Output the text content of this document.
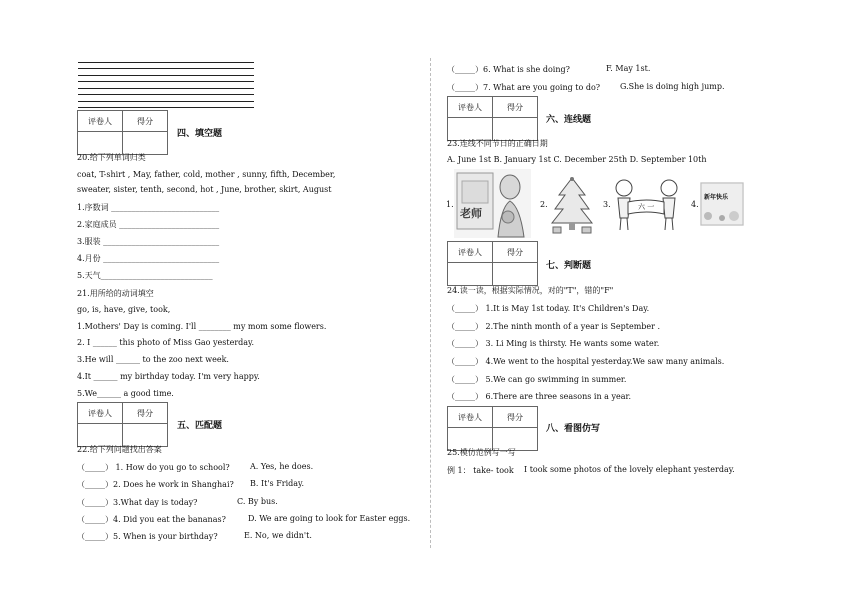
评卷人	得分

四、填空题
20.给下列单词归类
coat, T-shirt , May, father, cold, mother , sunny, fifth, December,
sweater, sister, tenth, second, hot , June, brother, skirt, August
1.序数词 ___________________________
2.家庭成员 _________________________
3.服装 _____________________________
4.月份 _____________________________
5.天气____________________________
21.用所给的动词填空
go, is, have, give, took,
1.Mothers' Day is coming. I'll ________ my mom some flowers.
2. I ______ this photo of Miss Gao yesterday.
3.He will ______ to the zoo next week.
4.It ______ my birthday today. I'm very happy.
5.We______ a good time.
评卷人	得分

五、匹配题
22.给下列问题找出答案
（_____） 1. How do you go to school?	A. Yes, he does.
（_____）2. Does he work in Shanghai? B. It's Friday.
（_____）3.What day is today?	C. By bus.
（_____）4. Did you eat the bananas?	D. We are going to look for Easter eggs.
（_____）5. When is your birthday?	E. No, we didn't.
（_____）6. What is she doing?	F. May 1st.
（_____）7. What are you going to do? G.She is doing high jump.
评卷人	得分

六、连线题
23.连线不同节日的正确日期
A. June 1st B. January 1st C. December 25th D. September 10th
1.
老师
2.	3.	六 一	4.
新年快乐
评卷人	得分

七、判断题
24.读一读，根据实际情况，对的"T"，错的"F"
（_____） 1.It is May 1st today. It's Children's Day.
（_____） 2.The ninth month of a year is September .
（_____） 3. Li Ming is thirsty. He wants some water.
（_____） 4.We went to the hospital yesterday.We saw many animals.
（_____） 5.We can go swimming in summer.
（_____） 6.There are three seasons in a year.
评卷人	得分

八、看图仿写
25.模仿范例写一写
例 1： take- took I took some photos of the lovely elephant yesterday.
